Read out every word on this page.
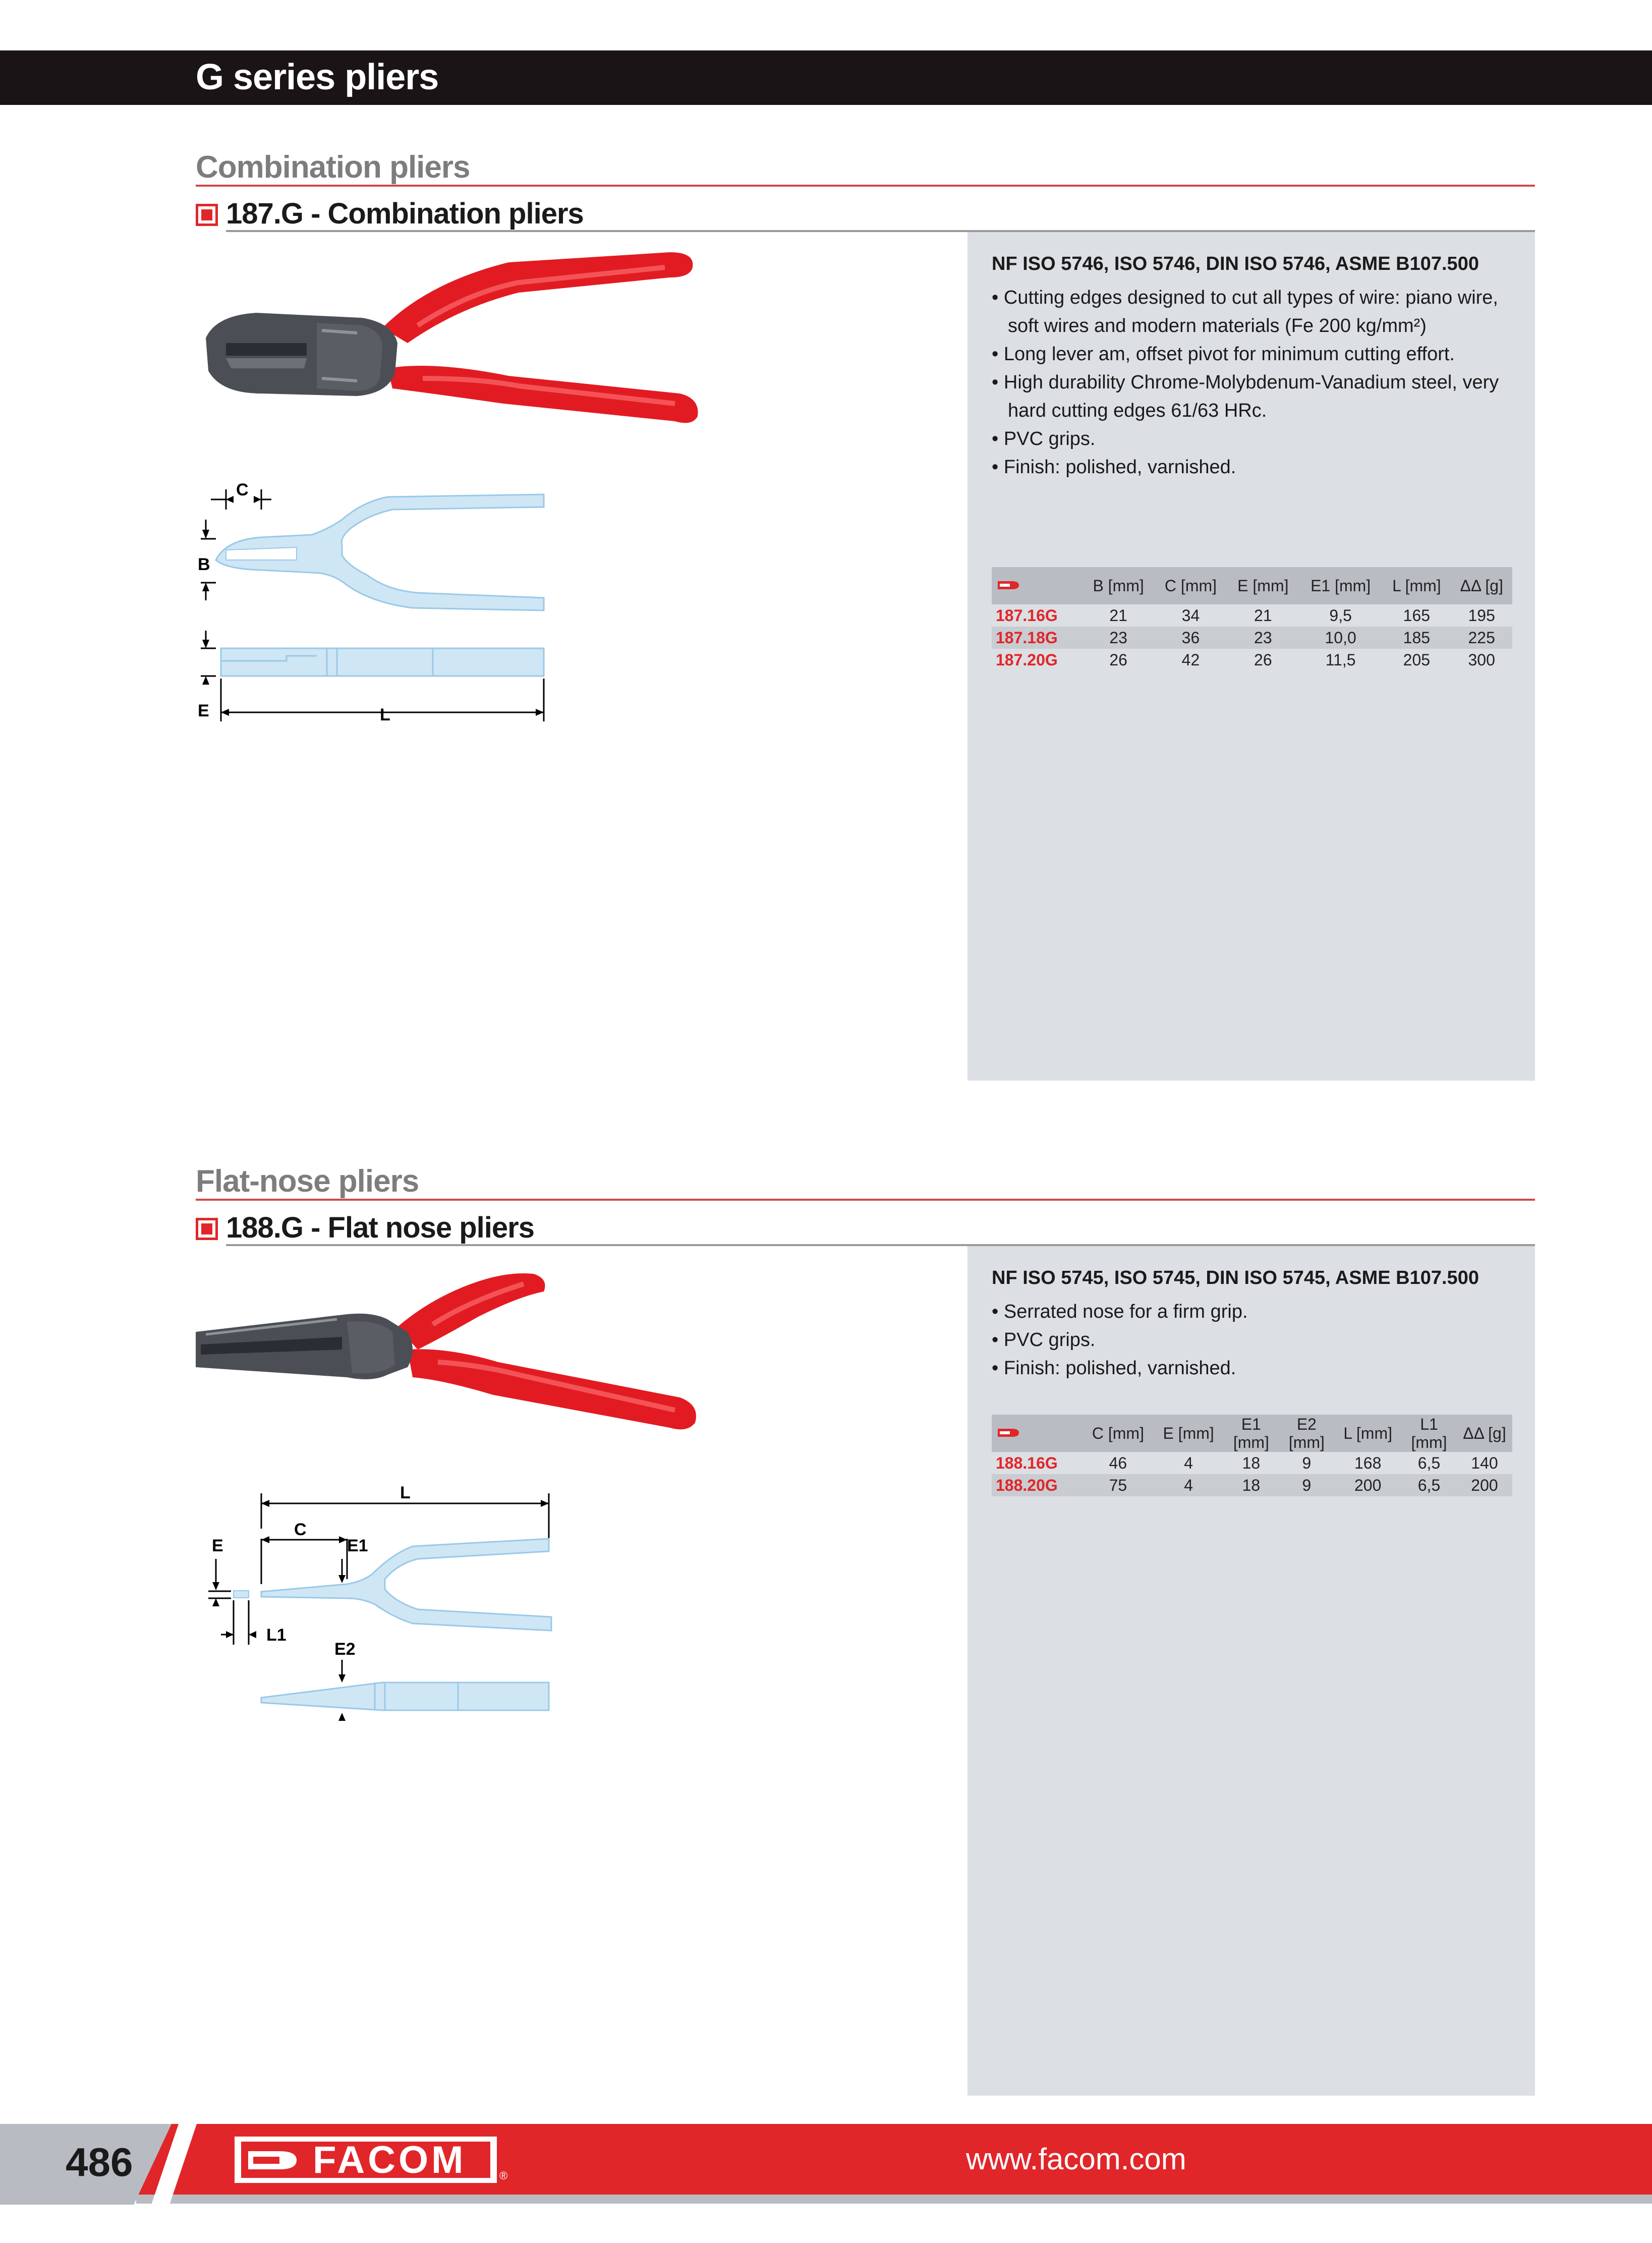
G series pliers
Combination pliers
187.G - Combination pliers
C
B
E	L
NF ISO 5746, ISO 5746, DIN ISO 5746, ASME B107.500
• Cutting edges designed to cut all types of wire: piano wire, soft wires and modern materials (Fe 200 kg/mm²)
• Long lever am, offset pivot for minimum cutting effort.
• High durability Chrome-Molybdenum-Vanadium steel, very hard cutting edges 61/63 HRc.
• PVC grips.
• Finish: polished, varnished.
	B [mm]	C [mm]	E [mm]	E1 [mm]	L [mm]	ΔΔ [g]
187.16G	21	34	21	9,5	165	195
187.18G	23	36	23	10,0	185	225
187.20G	26	42	26	11,5	205	300
Flat-nose pliers
188.G - Flat nose pliers
L
C
E1
E
L1
E2
NF ISO 5745, ISO 5745, DIN ISO 5745, ASME B107.500
• Serrated nose for a firm grip.
• PVC grips.
• Finish: polished, varnished.
	C [mm]	E [mm]	E1 [mm]	E2 [mm]	L [mm]	L1 [mm]	ΔΔ [g]
188.16G	46	4	18	9	168	6,5	140
188.20G	75	4	18	9	200	6,5	200
486	FACOM	®	www.facom.com
